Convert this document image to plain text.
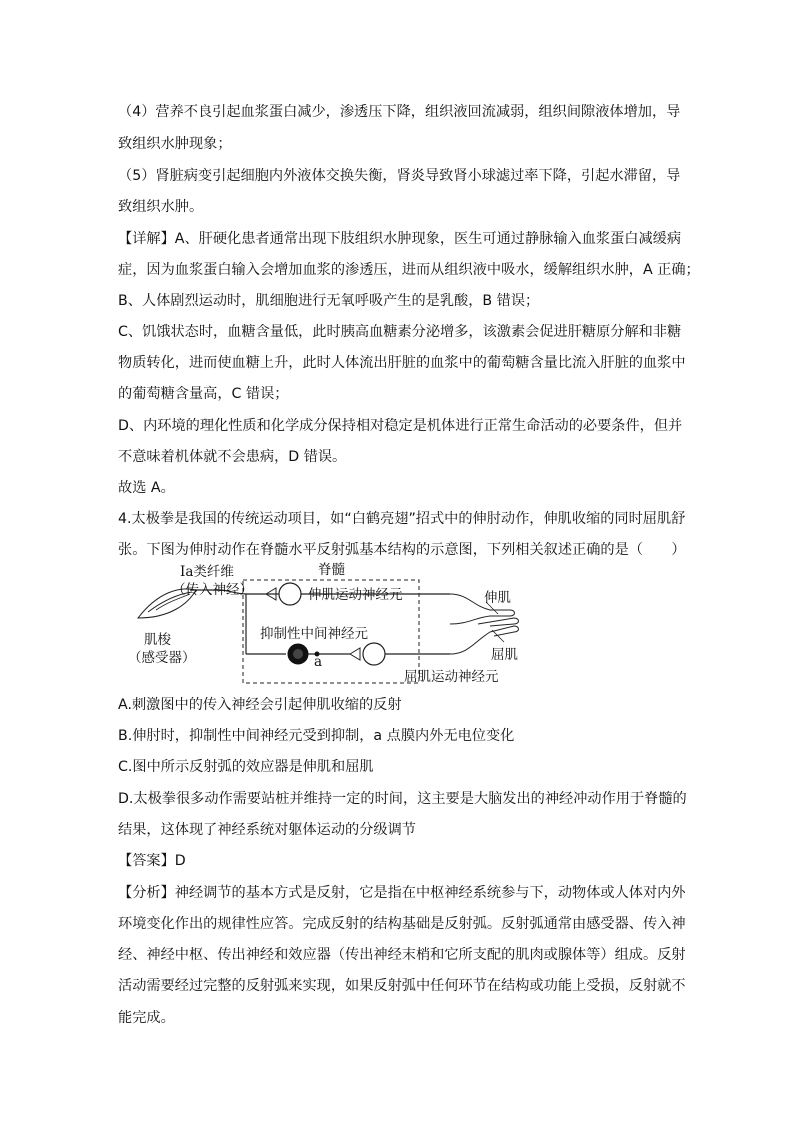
（4）营养不良引起血浆蛋白减少，渗透压下降，组织液回流减弱，组织间隙液体增加，导

致组织水肿现象；

（5）肾脏病变引起细胞内外液体交换失衡，肾炎导致肾小球滤过率下降，引起水滞留，导

致组织水肿。

【详解】A、肝硬化患者通常出现下肢组织水肿现象，医生可通过静脉输入血浆蛋白减缓病

症，因为血浆蛋白输入会增加血浆的渗透压，进而从组织液中吸水，缓解组织水肿，A 正确；

B、人体剧烈运动时，肌细胞进行无氧呼吸产生的是乳酸，B 错误；

C、饥饿状态时，血糖含量低，此时胰高血糖素分泌增多，该激素会促进肝糖原分解和非糖

物质转化，进而使血糖上升，此时人体流出肝脏的血浆中的葡萄糖含量比流入肝脏的血浆中

的葡萄糖含量高，C 错误；

D、内环境的理化性质和化学成分保持相对稳定是机体进行正常生命活动的必要条件，但并

不意味着机体就不会患病，D 错误。

故选 A。

4.太极拳是我国的传统运动项目，如“白鹤亮翅”招式中的伸肘动作，伸肌收缩的同时屈肌舒

张。下图为伸肘动作在脊髓水平反射弧基本结构的示意图，下列相关叙述正确的是（　　）

Ia类纤维
（传入神经）
脊髓
伸肌运动神经元
抑制性中间神经元
a
肌梭
（感受器）
伸肌
屈肌
屈肌运动神经元

A.刺激图中的传入神经会引起伸肌收缩的反射

B.伸肘时，抑制性中间神经元受到抑制，a 点膜内外无电位变化

C.图中所示反射弧的效应器是伸肌和屈肌

D.太极拳很多动作需要站桩并维持一定的时间，这主要是大脑发出的神经冲动作用于脊髓的

结果，这体现了神经系统对躯体运动的分级调节

【答案】D

【分析】神经调节的基本方式是反射，它是指在中枢神经系统参与下，动物体或人体对内外

环境变化作出的规律性应答。完成反射的结构基础是反射弧。反射弧通常由感受器、传入神

经、神经中枢、传出神经和效应器（传出神经末梢和它所支配的肌肉或腺体等）组成。反射

活动需要经过完整的反射弧来实现，如果反射弧中任何环节在结构或功能上受损，反射就不

能完成。
